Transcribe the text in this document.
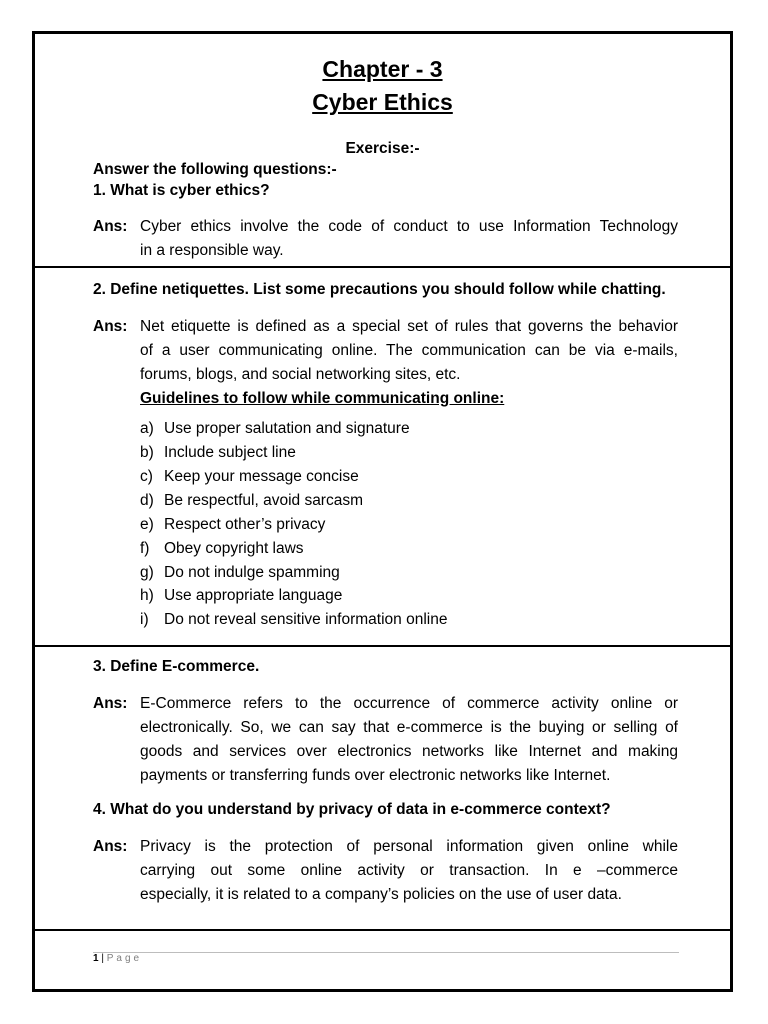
Chapter - 3
Cyber Ethics
Exercise:-
Answer the following questions:-
1. What is cyber ethics?
Ans: Cyber ethics involve the code of conduct to use Information Technology
in a responsible way.
2. Define netiquettes. List some precautions you should follow while chatting.
Ans: Net etiquette is defined as a special set of rules that governs the behavior
of a user communicating online. The communication can be via e-mails,
forums, blogs, and social networking sites, etc.
Guidelines to follow while communicating online:
a) Use proper salutation and signature
b) Include subject line
c) Keep your message concise
d) Be respectful, avoid sarcasm
e) Respect other’s privacy
f) Obey copyright laws
g) Do not indulge spamming
h) Use appropriate language
i) Do not reveal sensitive information online
3. Define E-commerce.
Ans: E-Commerce refers to the occurrence of commerce activity online or
electronically. So, we can say that e-commerce is the buying or selling of
goods and services over electronics networks like Internet and making
payments or transferring funds over electronic networks like Internet.
4. What do you understand by privacy of data in e-commerce context?
Ans: Privacy is the protection of personal information given online while
carrying out some online activity or transaction. In e –commerce
especially, it is related to a company’s policies on the use of user data.
1 | Page
